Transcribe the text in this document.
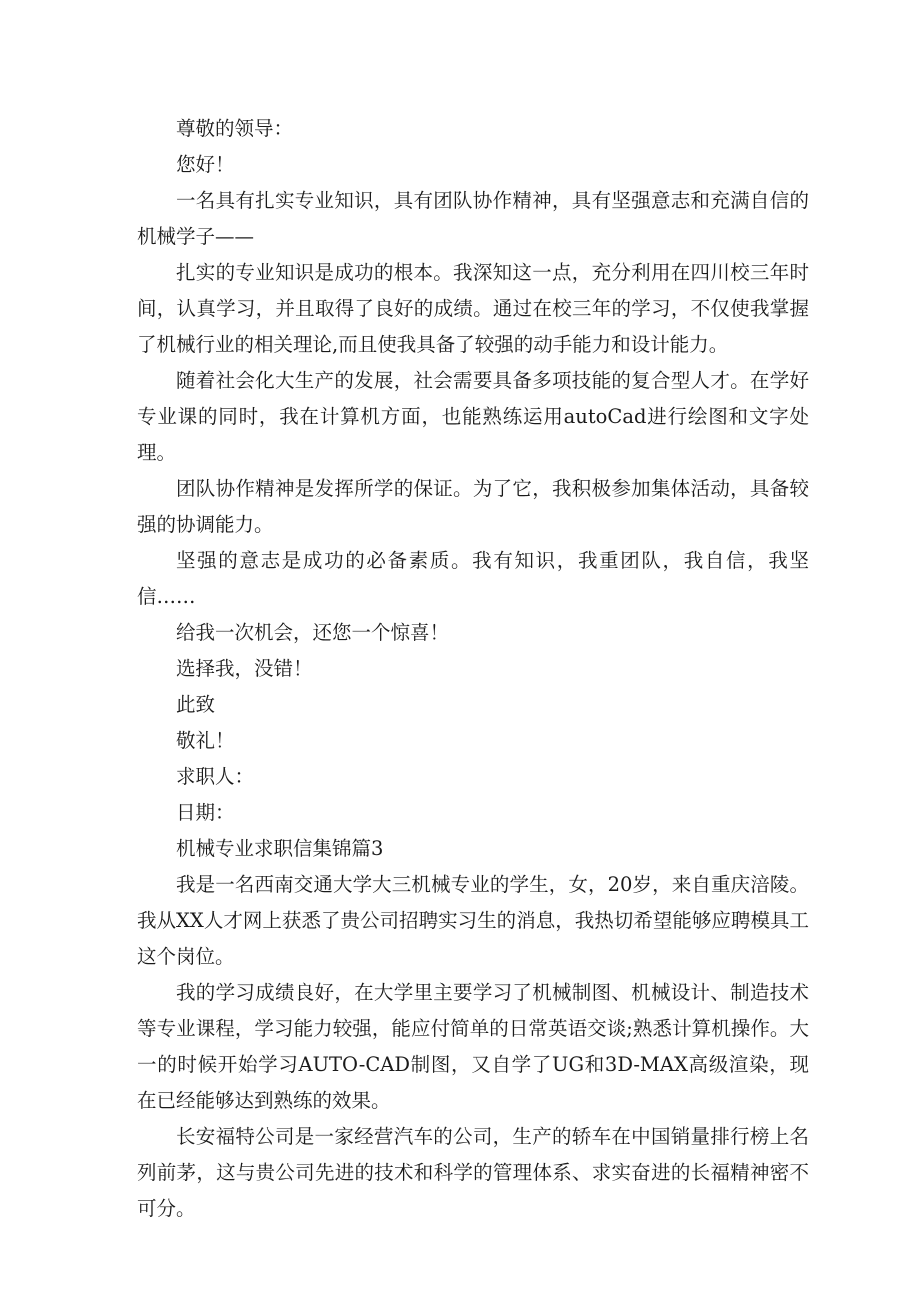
尊敬的领导：

您好！

一名具有扎实专业知识，具有团队协作精神，具有坚强意志和充满自信的机械学子——

扎实的专业知识是成功的根本。我深知这一点，充分利用在四川校三年时间，认真学习，并且取得了良好的成绩。通过在校三年的学习，不仅使我掌握了机械行业的相关理论,而且使我具备了较强的动手能力和设计能力。

随着社会化大生产的发展，社会需要具备多项技能的复合型人才。在学好专业课的同时，我在计算机方面，也能熟练运用autoCad进行绘图和文字处理。

团队协作精神是发挥所学的保证。为了它，我积极参加集体活动，具备较强的协调能力。

坚强的意志是成功的必备素质。我有知识，我重团队，我自信，我坚信……

给我一次机会，还您一个惊喜！

选择我，没错！

此致

敬礼！

求职人：

日期：

机械专业求职信集锦篇3

我是一名西南交通大学大三机械专业的学生，女，20岁，来自重庆涪陵。我从XX人才网上获悉了贵公司招聘实习生的消息，我热切希望能够应聘模具工这个岗位。

我的学习成绩良好，在大学里主要学习了机械制图、机械设计、制造技术等专业课程，学习能力较强，能应付简单的日常英语交谈;熟悉计算机操作。大一的时候开始学习AUTO-CAD制图，又自学了UG和3D-MAX高级渲染，现在已经能够达到熟练的效果。

长安福特公司是一家经营汽车的公司，生产的轿车在中国销量排行榜上名列前茅，这与贵公司先进的技术和科学的管理体系、求实奋进的长福精神密不可分。
